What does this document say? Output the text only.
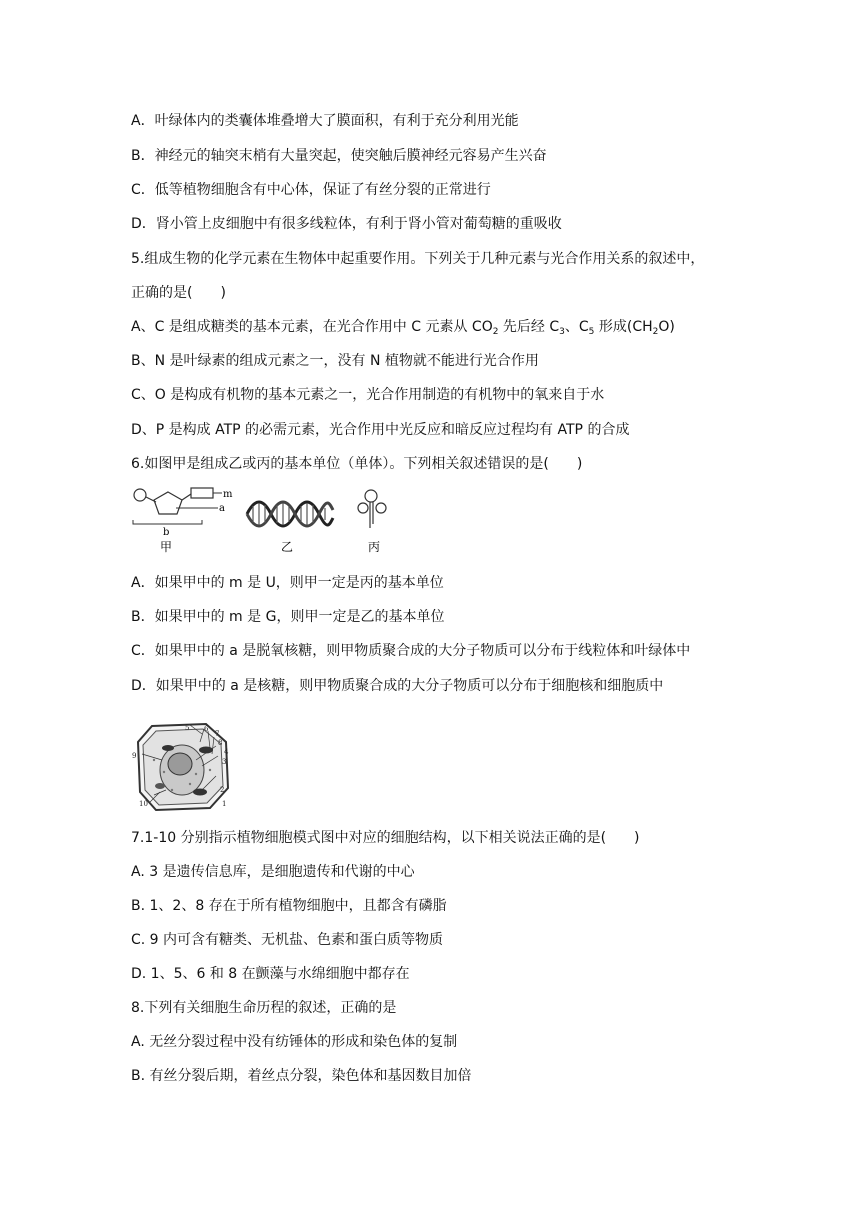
A．叶绿体内的类囊体堆叠增大了膜面积，有利于充分利用光能
B．神经元的轴突末梢有大量突起，使突触后膜神经元容易产生兴奋
C．低等植物细胞含有中心体，保证了有丝分裂的正常进行
D．肾小管上皮细胞中有很多线粒体，有利于肾小管对葡萄糖的重吸收
5.组成生物的化学元素在生物体中起重要作用。下列关于几种元素与光合作用关系的叙述中，
正确的是(　　)
A、C 是组成糖类的基本元素，在光合作用中 C 元素从 $CO_2$ 先后经 $C_3$、$C_5$ 形成$(CH_2O)$
B、N 是叶绿素的组成元素之一，没有 N 植物就不能进行光合作用
C、O 是构成有机物的基本元素之一，光合作用制造的有机物中的氧来自于水
D、P 是构成 ATP 的必需元素，光合作用中光反应和暗反应过程均有 ATP 的合成
6.如图甲是组成乙或丙的基本单位（单体）。下列相关叙述错误的是(　　)
m
a
b
甲	乙	丙
A．如果甲中的 m 是 U，则甲一定是丙的基本单位
B．如果甲中的 m 是 G，则甲一定是乙的基本单位
C．如果甲中的 a 是脱氧核糖，则甲物质聚合成的大分子物质可以分布于线粒体和叶绿体中
D．如果甲中的 a 是核糖，则甲物质聚合成的大分子物质可以分布于细胞核和细胞质中
5 6
7
8
4
3
2
1
9
10
7.1-10 分别指示植物细胞模式图中对应的细胞结构，以下相关说法正确的是(　　)
A. 3 是遗传信息库，是细胞遗传和代谢的中心
B. 1、2、8 存在于所有植物细胞中，且都含有磷脂
C. 9 内可含有糖类、无机盐、色素和蛋白质等物质
D. 1、5、6 和 8 在颤藻与水绵细胞中都存在
8.下列有关细胞生命历程的叙述，正确的是
A. 无丝分裂过程中没有纺锤体的形成和染色体的复制
B. 有丝分裂后期，着丝点分裂，染色体和基因数目加倍
